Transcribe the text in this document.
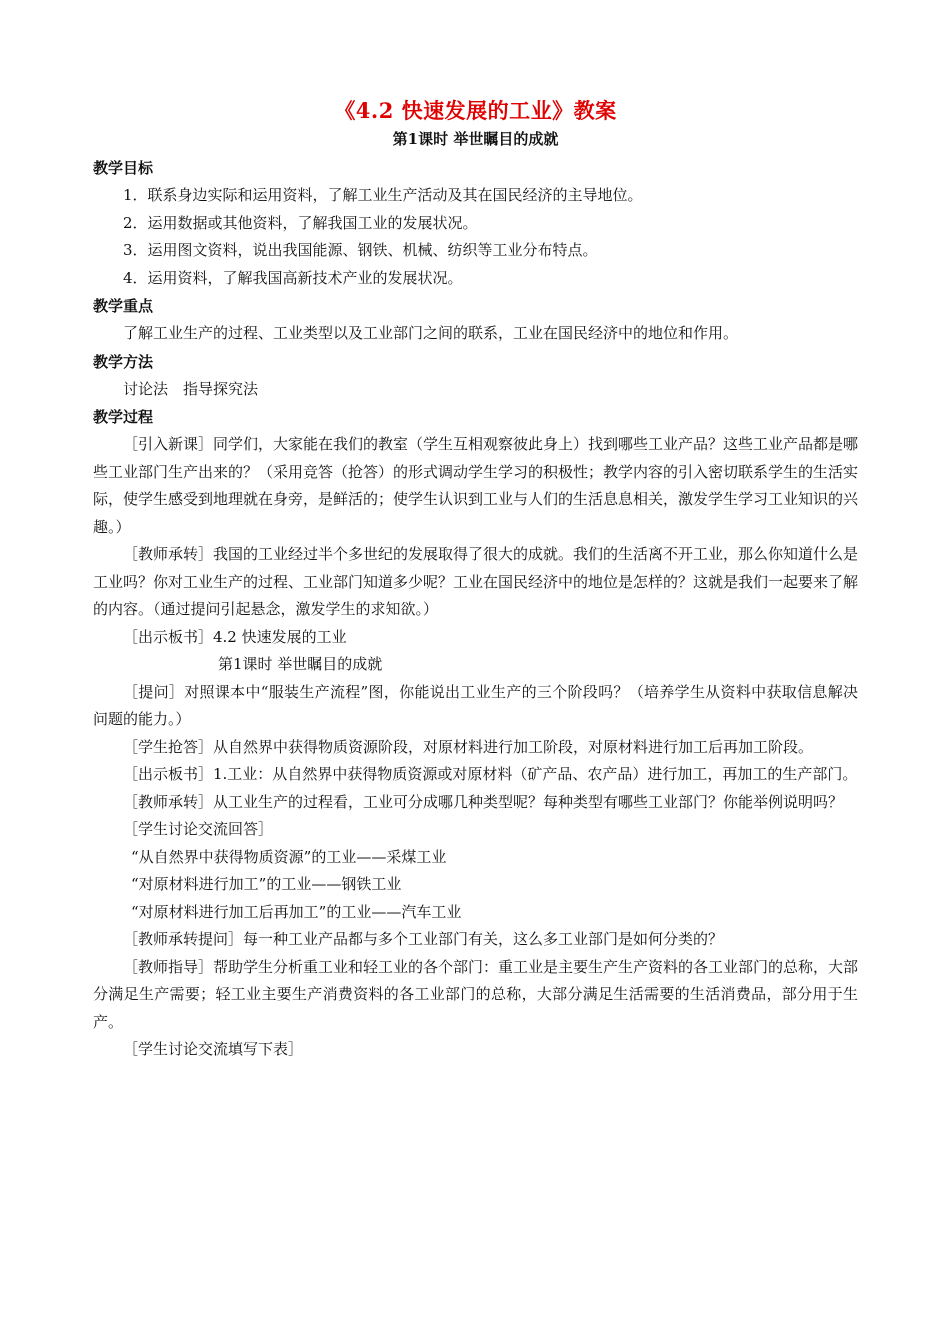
《4.2 快速发展的工业》教案
第1课时 举世瞩目的成就
教学目标

1．联系身边实际和运用资料，了解工业生产活动及其在国民经济的主导地位。

2．运用数据或其他资料，了解我国工业的发展状况。

3．运用图文资料，说出我国能源、钢铁、机械、纺织等工业分布特点。

4．运用资料，了解我国高新技术产业的发展状况。

教学重点

了解工业生产的过程、工业类型以及工业部门之间的联系，工业在国民经济中的地位和作用。

教学方法

讨论法　指导探究法

教学过程

［引入新课］同学们，大家能在我们的教室（学生互相观察彼此身上）找到哪些工业产品？这些工业产品都是哪些工业部门生产出来的？（采用竞答（抢答）的形式调动学生学习的积极性；教学内容的引入密切联系学生的生活实际，使学生感受到地理就在身旁，是鲜活的；使学生认识到工业与人们的生活息息相关，激发学生学习工业知识的兴趣。）

［教师承转］我国的工业经过半个多世纪的发展取得了很大的成就。我们的生活离不开工业，那么你知道什么是工业吗？你对工业生产的过程、工业部门知道多少呢？工业在国民经济中的地位是怎样的？这就是我们一起要来了解的内容。（通过提问引起悬念，激发学生的求知欲。）

［出示板书］4.2 快速发展的工业

第1课时 举世瞩目的成就

［提问］对照课本中“服装生产流程”图，你能说出工业生产的三个阶段吗？（培养学生从资料中获取信息解决问题的能力。）

［学生抢答］从自然界中获得物质资源阶段，对原材料进行加工阶段，对原材料进行加工后再加工阶段。

［出示板书］1.工业：从自然界中获得物质资源或对原材料（矿产品、农产品）进行加工，再加工的生产部门。

［教师承转］从工业生产的过程看，工业可分成哪几种类型呢？每种类型有哪些工业部门？你能举例说明吗？

［学生讨论交流回答］

“从自然界中获得物质资源”的工业——采煤工业

“对原材料进行加工”的工业——钢铁工业

“对原材料进行加工后再加工”的工业——汽车工业

［教师承转提问］每一种工业产品都与多个工业部门有关，这么多工业部门是如何分类的？

［教师指导］帮助学生分析重工业和轻工业的各个部门：重工业是主要生产生产资料的各工业部门的总称，大部分满足生产需要；轻工业主要生产消费资料的各工业部门的总称，大部分满足生活需要的生活消费品，部分用于生产。

［学生讨论交流填写下表］
